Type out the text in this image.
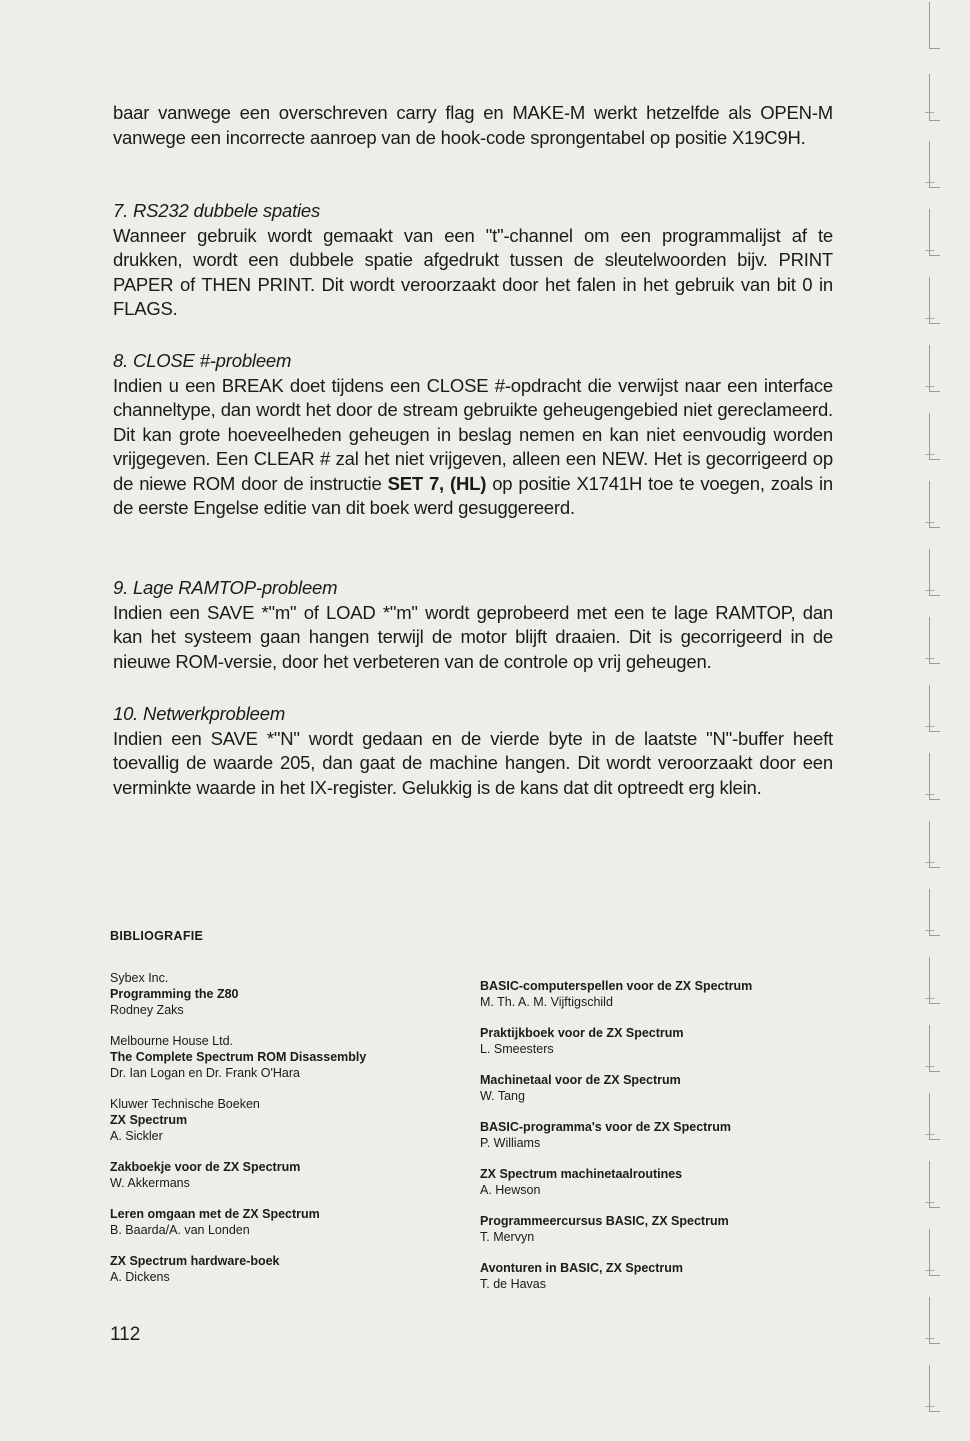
baar vanwege een overschreven carry flag en MAKE-M werkt hetzelfde als OPEN-M vanwege een incorrecte aanroep van de hook-code sprongentabel op positie X19C9H.

7. RS232 dubbele spaties

Wanneer gebruik wordt gemaakt van een "t"-channel om een programmalijst af te drukken, wordt een dubbele spatie afgedrukt tussen de sleutelwoorden bijv. PRINT PAPER of THEN PRINT. Dit wordt veroorzaakt door het falen in het gebruik van bit 0 in FLAGS.

8. CLOSE #-probleem

Indien u een BREAK doet tijdens een CLOSE #-opdracht die verwijst naar een interface channeltype, dan wordt het door de stream gebruikte geheugengebied niet gereclameerd. Dit kan grote hoeveelheden geheugen in beslag nemen en kan niet eenvoudig worden vrijgegeven. Een CLEAR # zal het niet vrijgeven, alleen een NEW. Het is gecorrigeerd op de niewe ROM door de instructie SET 7, (HL) op positie X1741H toe te voegen, zoals in de eerste Engelse editie van dit boek werd gesuggereerd.

9. Lage RAMTOP-probleem

Indien een SAVE *"m" of LOAD *"m" wordt geprobeerd met een te lage RAMTOP, dan kan het systeem gaan hangen terwijl de motor blijft draaien. Dit is gecorrigeerd in de nieuwe ROM-versie, door het verbeteren van de controle op vrij geheugen.

10. Netwerkprobleem

Indien een SAVE *"N" wordt gedaan en de vierde byte in de laatste "N"-buffer heeft toevallig de waarde 205, dan gaat de machine hangen. Dit wordt veroorzaakt door een verminkte waarde in het IX-register. Gelukkig is de kans dat dit optreedt erg klein.

BIBLIOGRAFIE
Sybex Inc.
Programming the Z80
Rodney Zaks
Melbourne House Ltd.
The Complete Spectrum ROM Disassembly
Dr. Ian Logan en Dr. Frank O'Hara
Kluwer Technische Boeken
ZX Spectrum
A. Sickler
Zakboekje voor de ZX Spectrum
W. Akkermans
Leren omgaan met de ZX Spectrum
B. Baarda/A. van Londen
ZX Spectrum hardware-boek
A. Dickens
BASIC-computerspellen voor de ZX Spectrum
M. Th. A. M. Vijftigschild
Praktijkboek voor de ZX Spectrum
L. Smeesters
Machinetaal voor de ZX Spectrum
W. Tang
BASIC-programma's voor de ZX Spectrum
P. Williams
ZX Spectrum machinetaalroutines
A. Hewson
Programmeercursus BASIC, ZX Spectrum
T. Mervyn
Avonturen in BASIC, ZX Spectrum
T. de Havas
112
